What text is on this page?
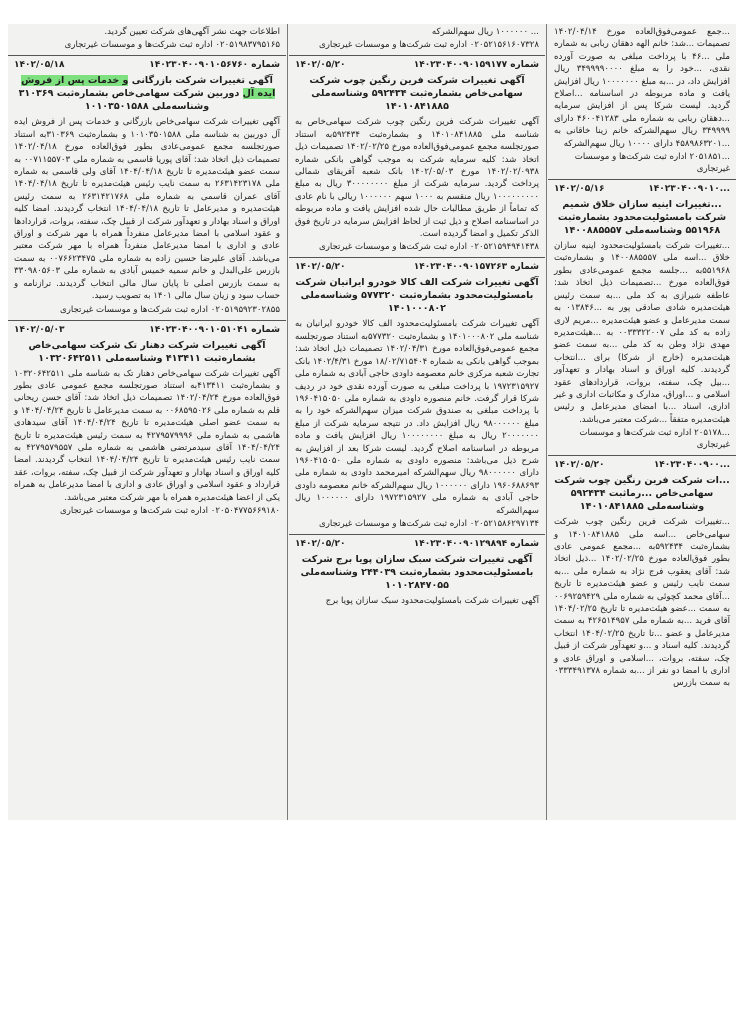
اطلاعات جهت نشر آگهی‌های شرکت تعیین گردید.

۰۲۰۵۱۹۸۳۷۹۵۱۶۵ اداره ثبت شرکت‌ها و موسسات غیرتجاری
شماره ۱۴۰۲۳۰۴۰۰۹۰۱۰۵۶۷۶۰
۱۴۰۲/۰۵/۱۸
آگهی تغییرات شرکت بازرگانی و خدمات پس از فروش ایده آل دوربین شرکت سهامی‌خاص بشماره‌ثبت ۳۱۰۳۶۹ وشناسه‌ملی ۱۰۱۰۳۵۰۱۵۸۸

آگهی تغییرات شرکت سهامی‌خاص بازرگانی و خدمات پس از فروش ایده آل دوربین به شناسه ملی ۱۰۱۰۳۵۰۱۵۸۸ و بشماره‌ثبت ۳۱۰۳۶۹به استناد صورتجلسه مجمع عمومی‌عادی بطور فوق‌العاده مورخ ۱۴۰۲/۰۴/۱۸ تصمیمات ذیل اتخاذ شد: آقای پوریا قاسمی به شماره ملی ۰۰۷۱۱۵۵۷۰۳ به سمت عضو هیئت‌مدیره تا تاریخ ۱۴۰۴/۰۴/۱۸ آقای ولی قاسمی به شماره ملی ۲۶۳۱۴۲۳۱۷۸ به سمت نایب رئیس هیئت‌مدیره تا تاریخ ۱۴۰۴/۰۴/۱۸ آقای عمران قاسمی به شماره ملی ۲۶۳۱۴۲۱۷۶۸ به سمت رئیس هیئت‌مدیره و مدیرعامل تا تاریخ ۱۴۰۴/۰۴/۱۸ انتخاب گردیدند. امضا کلیه اوراق و اسناد بهادار و تعهدآور شرکت از قبیل چک، سفته، بروات، قراردادها و عقود اسلامی با امضا مدیرعامل منفرداً همراه با مهر شرکت و اوراق عادی و اداری با امضا مدیرعامل منفرداً همراه با مهر شرکت معتبر می‌باشد. آقای علیرضا حسین زاده به شماره ملی ۰۰۷۶۶۲۳۴۷۵ به سمت بازرس علی‌البدل و خانم سمیه خمیس آبادی به شماره ملی ۳۳۰۹۸۰۵۶۰۳ به سمت بازرس اصلی تا پایان سال مالی انتخاب گردیدند. ترازنامه و حساب سود و زیان سال مالی ۱۴۰۱ به تصویب رسید.

۰۲۰۵۱۹۵۹۲۳۰۲۸۵۵ اداره ثبت شرکت‌ها و موسسات غیرتجاری
شماره ۱۴۰۲۳۰۴۰۰۹۰۱۰۵۱۰۴۱
۱۴۰۲/۰۵/۰۳
آگهی تغییرات شرکت دهنار تک شرکت سهامی‌خاص بشماره‌ثبت ۴۱۳۴۱۱ وشناسه‌ملی ۱۰۳۲۰۶۴۲۵۱۱

آگهی تغییرات شرکت سهامی‌خاص دهنار تک به شناسه ملی ۱۰۳۲۰۶۴۲۵۱۱ و بشماره‌ثبت ۴۱۳۴۱۱به استناد صورتجلسه مجمع عمومی عادی بطور فوق‌العاده مورخ ۱۴۰۲/۰۴/۲۴ تصمیمات ذیل اتخاذ شد: آقای حسن ریحانی قلم به شماره ملی ۰۰۶۸۵۹۵۰۲۶ به سمت مدیرعامل تا تاریخ ۱۴۰۴/۰۴/۲۴ و به سمت عضو اصلی هیئت‌مدیره تا تاریخ ۱۴۰۴/۰۴/۲۴ آقای سیدهادی هاشمی به شماره ملی ۴۲۷۹۵۷۹۹۹۶ به سمت رئیس هیئت‌مدیره تا تاریخ ۱۴۰۴/۰۴/۲۴ آقای سیدمرتضی هاشمی به شماره ملی ۴۲۷۹۵۷۹۵۵۷ به سمت نایب رئیس هیئت‌مدیره تا تاریخ ۱۴۰۴/۰۴/۲۴ انتخاب گردیدند. امضا کلیه اوراق و اسناد بهادار و تعهدآور شرکت از قبیل چک، سفته، بروات، عقد قرارداد و عقود اسلامی و اوراق عادی و اداری با امضا مدیرعامل به همراه یکی از اعضا هیئت‌مدیره همراه با مهر شرکت معتبر می‌باشد.

۰۲۰۵۰۴۷۷۵۶۶۹۱۸۰ اداره ثبت شرکت‌ها و موسسات غیرتجاری

... ۱۰۰۰۰۰۰ ریال سهم‌الشرکه

۰۲۰۵۲۱۵۶۱۶۰۷۳۲۸ اداره ثبت شرکت‌ها و موسسات غیرتجاری
شماره ۱۴۰۲۳۰۴۰۰۹۰۱۵۹۱۷۷
۱۴۰۲/۰۵/۲۰
آگهی تغییرات شرکت فرین رنگین چوب شرکت سهامی‌خاص بشماره‌ثبت ۵۹۲۴۳۴ وشناسه‌ملی ۱۴۰۱۰۸۴۱۸۸۵

آگهی تغییرات شرکت فرین رنگین چوب شرکت سهامی‌خاص به شناسه ملی ۱۴۰۱۰۸۴۱۸۸۵ و بشماره‌ثبت ۵۹۲۴۳۴به استناد صورتجلسه مجمع عمومی‌فوق‌العاده مورخ ۱۴۰۲/۰۲/۲۵ تصمیمات ذیل اتخاذ شد: کلیه سرمایه شرکت به موجب گواهی بانکی شماره ۱۴۰۲/۰۲/۰۹۳۸ مورخ ۱۴۰۲/۰۵/۰۳ بانک شعبه آفریقای شمالی پرداخت گردید. سرمایه شرکت از مبلغ ۳۰۰۰۰۰۰۰۰ ریال به مبلغ ۱۰۰۰۰۰۰۰۰۰ ریال منقسم به ۱۰۰۰ سهم ۱۰۰۰۰۰۰ ریالی با نام عادی که تماماً از طریق مطالبات حال شده افزایش یافت و ماده مربوطه در اساسنامه اصلاح و ذیل ثبت از لحاظ افزایش سرمایه در تاریخ فوق الذکر تکمیل و امضا گردیده است.

۰۲۰۵۲۱۵۹۴۹۴۱۴۳۸ اداره ثبت شرکت‌ها و موسسات غیرتجاری
شماره ۱۴۰۲۳۰۴۰۰۹۰۱۵۷۲۶۳
۱۴۰۲/۰۵/۲۰
آگهی تغییرات شرکت الف کالا خودرو ایرانیان شرکت بامسئولیت‌محدود بشماره‌ثبت ۵۷۷۳۲۰ وشناسه‌ملی ۱۴۰۱۰۰۰۸۰۲

آگهی تغییرات شرکت بامسئولیت‌محدود الف کالا خودرو ایرانیان به شناسه ملی ۱۴۰۱۰۰۰۸۰۲ و بشماره‌ثبت ۵۷۷۳۲۰به استناد صورتجلسه مجمع عمومی‌فوق‌العاده مورخ ۱۴۰۲/۰۴/۳۱ تصمیمات ذیل اتخاذ شد: بموجب گواهی بانکی به شماره ۱۸/۰۲/۷۱۵۴۰۴ مورخ ۱۴۰۲/۴/۳۱ بانک تجارت شعبه مرکزی خانم معصومه داودی حاجی آبادی به شماره ملی ۱۹۷۲۳۱۵۹۲۷ با پرداخت مبلغی به صورت آورده نقدی خود در ردیف شرکا قرار گرفت. خانم منصوره داودی به شماره ملی ۱۹۶۰۴۱۵۰۵۰ با پرداخت مبلغی به صندوق شرکت میزان سهم‌الشرکه خود را به مبلغ ۹۸۰۰۰۰۰۰ ریال افزایش داد. در نتیجه سرمایه شرکت از مبلغ ۲۰۰۰۰۰۰۰ ریال به مبلغ ۱۰۰۰۰۰۰۰۰ ریال افزایش یافت و ماده مربوطه در اساسنامه اصلاح گردید. لیست شرکا بعد از افزایش به شرح ذیل می‌باشد: منصوره داودی به شماره ملی ۱۹۶۰۴۱۵۰۵۰ دارای ۹۸۰۰۰۰۰۰ ریال سهم‌الشرکه امیرمحمد داودی به شماره ملی ۱۹۶۰۶۸۸۶۹۳ دارای ۱۰۰۰۰۰۰ ریال سهم‌الشرکه خانم معصومه داودی حاجی آبادی به شماره ملی ۱۹۷۲۳۱۵۹۲۷ دارای ۱۰۰۰۰۰۰ ریال سهم‌الشرکه

۰۲۰۵۲۱۵۸۶۲۹۷۱۳۴ اداره ثبت شرکت‌ها و موسسات غیرتجاری
شماره ۱۴۰۲۳۰۴۰۰۹۰۱۲۹۸۹۴
۱۴۰۲/۰۵/۲۰
آگهی تغییرات شرکت سبک سازان پویا برج شرکت بامسئولیت‌محدود بشماره‌ثبت ۲۴۴۰۳۹ وشناسه‌ملی ۱۰۱۰۲۸۴۷۰۵۵

آگهی تغییرات شرکت بامسئولیت‌محدود سبک سازان پویا برج

...جمع عمومی‌فوق‌العاده مورخ ۱۴۰۲/۰۴/۱۴ تصمیمات ...شد: خانم الهه دهقان ربابی به شماره ملی ...۴۶ با پرداخت مبلغی به صورت آورده نقدی، ...خود را به مبلغ ۳۴۹۹۹۹۰۰۰۰ ریال افزایش داد، در ...به مبلغ ۱۰۰۰۰۰۰۰ ریال افزایش یافت و ماده مربوطه در اساسنامه ...اصلاح گردید. لیست شرکا پس از افزایش سرمایه ...دهقان ربابی به شماره ملی ۴۶۰۰۴۱۲۸۳ دارای ۳۴۹۹۹۹ ریال سهم‌الشرکه خانم زینا خاقانی به ...۴۵۸۹۸۶۳۲۰۱ دارای ۱۰۰۰۰ ریال سهم‌الشرکه

...۲۰۵۱۸۵۱ اداره ثبت شرکت‌ها و موسسات غیرتجاری
...۱۴۰۲۳۰۴۰۰۹۰۱۰
۱۴۰۲/۰۵/۱۶
...تغییرات اینیه سازان خلاق شمیم شرکت بامسئولیت‌محدود بشماره‌ثبت ۵۵۱۹۶۸ وشناسه‌ملی ۱۴۰۰۸۸۵۵۵۷

...تغییرات شرکت بامسئولیت‌محدود اینیه سازان خلاق ...اسه ملی ۱۴۰۰۸۸۵۵۵۷ و بشماره‌ثبت ۵۵۱۹۶۸به ...جلسه مجمع عمومی‌عادی بطور فوق‌العاده مورخ ...تصمیمات ذیل اتخاذ شد: عاطفه شیرازی به کد ملی ...به سمت رئیس هیئت‌مدیره شادی صادقی پور به ...۰۱۳۸۴۶ به سمت مدیرعامل و عضو هیئت‌مدیره ...مریم لاری زاده به کد ملی ۰۰۳۳۳۲۲۰۰۷ به ...هیئت‌مدیره مهدی نژاد وطن به کد ملی ...به سمت عضو هیئت‌مدیره (خارج از شرکا) برای ...انتخاب گردیدند. کلیه اوراق و اسناد بهادار و تعهدآور ...بیل چک، سفته، بروات، قراردادهای عقود اسلامی و ...اوراق، مدارک و مکاتبات اداری و غیر اداری، اسناد ...با امضای مدیرعامل و رئیس هیئت‌مدیره متفقاً ...شرکت معتبر می‌باشد.

...۲۰۵۱۷۸ اداره ثبت شرکت‌ها و موسسات غیرتجاری
...۱۴۰۲۳۰۴۰۰۹۰۰
۱۴۰۲/۰۵/۲۰
...ات شرکت فرین رنگین چوب شرکت سهامی‌خاص ...رماثبت ۵۹۲۴۳۴ وشناسه‌ملی ۱۴۰۱۰۸۴۱۸۸۵

...تغییرات شرکت فرین رنگین چوب شرکت سهامی‌خاص ...اسه ملی ۱۴۰۱۰۸۴۱۸۸۵ و بشماره‌ثبت ۵۹۲۴۳۴به ...مجمع عمومی عادی بطور فوق‌العاده مورخ ۱۴۰۲/۰۲/۲۵ ...ذیل اتخاذ شد: آقای یعقوب فرج نژاد به شماره ملی ...به سمت نایب رئیس و عضو هیئت‌مدیره تا تاریخ ...آقای محمد کچوئی به شماره ملی ۰۰۶۹۲۵۹۴۲۹ به سمت ...عضو هیئت‌مدیره تا تاریخ ۱۴۰۴/۰۲/۲۵ آقای فرید ...به شماره ملی ۴۲۶۵۱۴۹۵۷ به سمت مدیرعامل و عضو ...تا تاریخ ۱۴۰۴/۰۲/۲۵ انتخاب گردیدند. کلیه اسناد و ...و تعهدآور شرکت از قبیل چک، سفته، بروات، ...اسلامی و اوراق عادی و اداری با امضا دو نفر از ...به شماره ۰۳۳۳۴۹۱۳۷۸ به سمت بازرس
